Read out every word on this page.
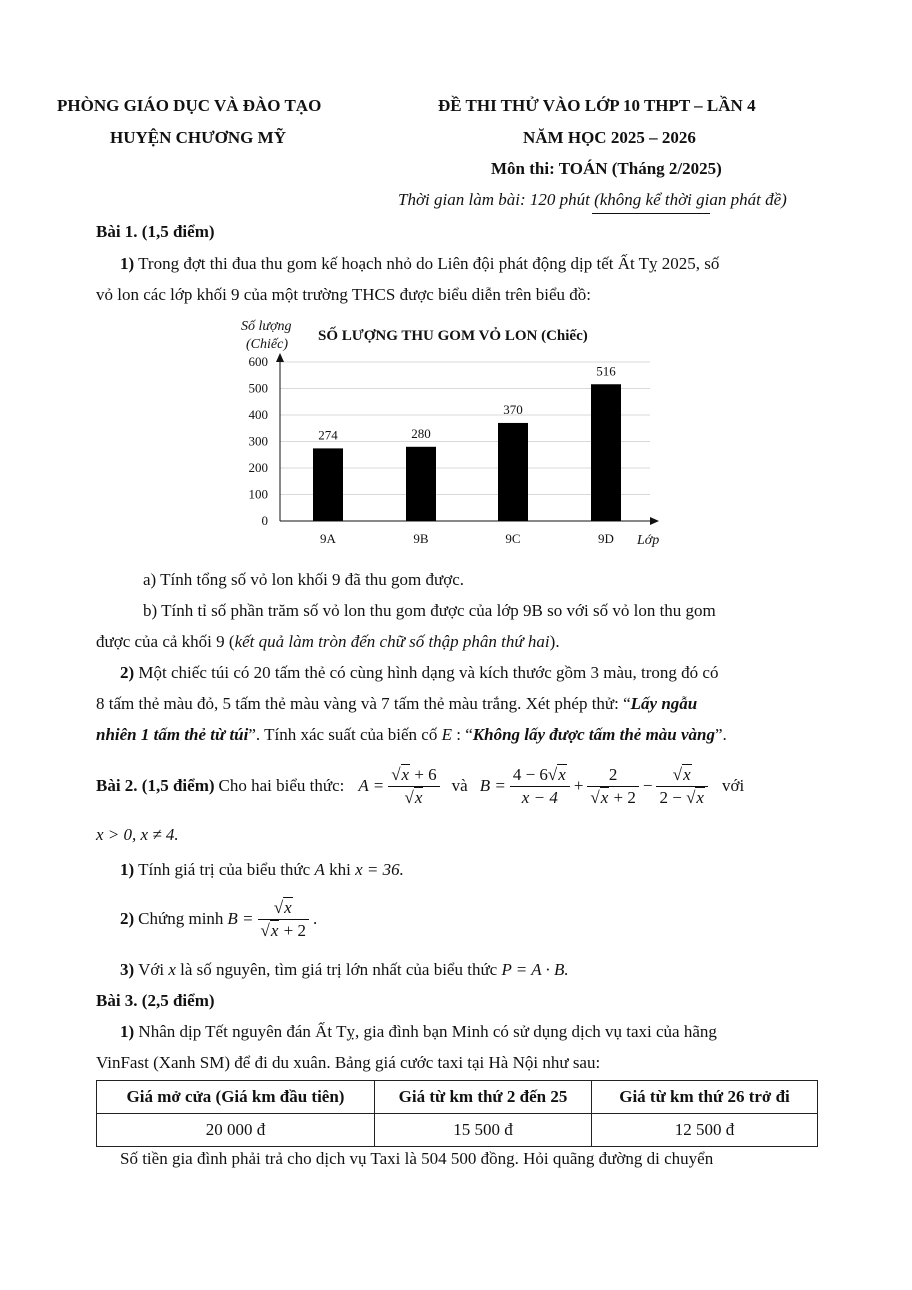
PHÒNG GIÁO DỤC VÀ ĐÀO TẠO
HUYỆN CHƯƠNG MỸ
ĐỀ THI THỬ VÀO LỚP 10 THPT – LẦN 4
NĂM HỌC 2025 – 2026
Môn thi: TOÁN (Tháng 2/2025)
Thời gian làm bài: 120 phút (không kể thời gian phát đề)
Bài 1. (1,5 điểm)
1) Trong đợt thi đua thu gom kế hoạch nhỏ do Liên đội phát động dịp tết Ất Tỵ 2025, số
vỏ lon các lớp khối 9 của một trường THCS được biểu diễn trên biểu đồ:
Số lượng
(Chiếc)
SỐ LƯỢNG THU GOM VỎ LON (Chiếc)
0
100
200
300
400
500
600
Lớp
274
9A
280
9B
370
9C
516
9D
a) Tính tổng số vỏ lon khối 9 đã thu gom được.
b) Tính tỉ số phần trăm số vỏ lon thu gom được của lớp 9B so với số vỏ lon thu gom
được của cả khối 9 (kết quả làm tròn đến chữ số thập phân thứ hai).
2) Một chiếc túi có 20 tấm thẻ có cùng hình dạng và kích thước gồm 3 màu, trong đó có
8 tấm thẻ màu đỏ, 5 tấm thẻ màu vàng và 7 tấm thẻ màu trắng. Xét phép thử: “Lấy ngẫu
nhiên 1 tấm thẻ từ túi”. Tính xác suất của biến cố E : “Không lấy được tấm thẻ màu vàng”.
Bài 2. (1,5 điểm) Cho hai biểu thức: $A = \frac{√x + 6}{√x}$ và $B = \frac{4 - 6√x}{x - 4} + \frac{2}{√x + 2} - \frac{√x}{2 - √x}$ với
x > 0, x ≠ 4.
1) Tính giá trị của biểu thức A khi x = 36.
2) Chứng minh $B = \frac{√x}{√x + 2}$ .
3) Với x là số nguyên, tìm giá trị lớn nhất của biểu thức P = A · B.
Bài 3. (2,5 điểm)
1) Nhân dịp Tết nguyên đán Ất Tỵ, gia đình bạn Minh có sử dụng dịch vụ taxi của hãng
VinFast (Xanh SM) để đi du xuân. Bảng giá cước taxi tại Hà Nội như sau:
Giá mở cửa (Giá km đầu tiên)	Giá từ km thứ 2 đến 25	Giá từ km thứ 26 trở đi
20 000 đ	15 500 đ	12 500 đ
Số tiền gia đình phải trả cho dịch vụ Taxi là 504 500 đồng. Hỏi quãng đường di chuyển
